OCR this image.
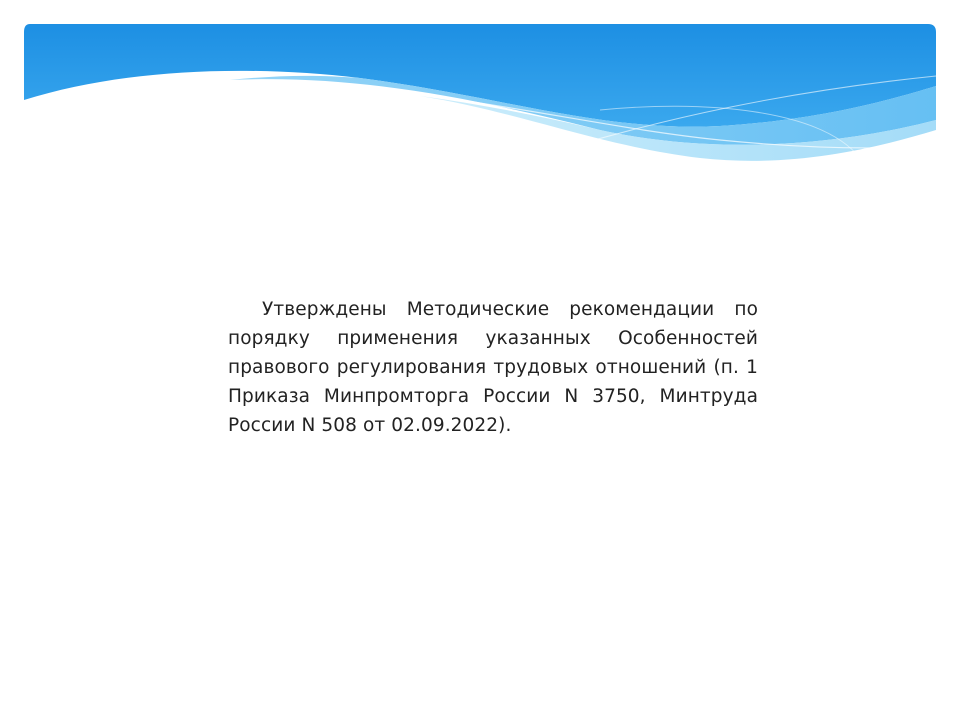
Утверждены Методические рекомендации по порядку применения указанных Особенностей правового регулирования трудовых отношений (п. 1 Приказа Минпромторга России N 3750, Минтруда России N 508 от 02.09.2022).
